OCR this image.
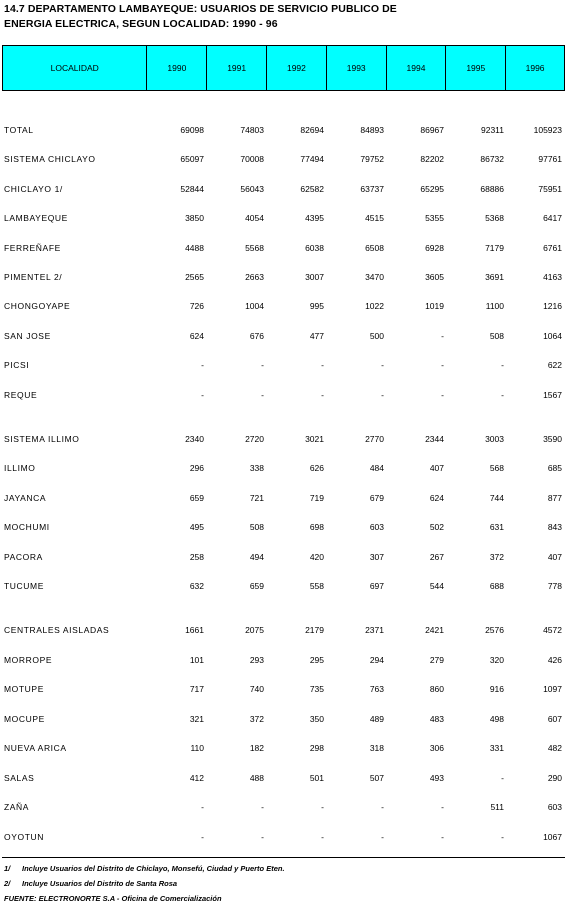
14.7 DEPARTAMENTO LAMBAYEQUE: USUARIOS DE SERVICIO PUBLICO DE
ENERGIA ELECTRICA, SEGUN LOCALIDAD: 1990 - 96
LOCALIDAD	1990	1991	1992	1993	1994	1995	1996
TOTAL	69098	74803	82694	84893	86967	92311	105923
SISTEMA CHICLAYO	65097	70008	77494	79752	82202	86732	97761
CHICLAYO 1/	52844	56043	62582	63737	65295	68886	75951
LAMBAYEQUE	3850	4054	4395	4515	5355	5368	6417
FERREÑAFE	4488	5568	6038	6508	6928	7179	6761
PIMENTEL 2/	2565	2663	3007	3470	3605	3691	4163
CHONGOYAPE	726	1004	995	1022	1019	1100	1216
SAN JOSE	624	676	477	500	-	508	1064
PICSI	-	-	-	-	-	-	622
REQUE	-	-	-	-	-	-	1567
SISTEMA ILLIMO	2340	2720	3021	2770	2344	3003	3590
ILLIMO	296	338	626	484	407	568	685
JAYANCA	659	721	719	679	624	744	877
MOCHUMI	495	508	698	603	502	631	843
PACORA	258	494	420	307	267	372	407
TUCUME	632	659	558	697	544	688	778
CENTRALES AISLADAS	1661	2075	2179	2371	2421	2576	4572
MORROPE	101	293	295	294	279	320	426
MOTUPE	717	740	735	763	860	916	1097
MOCUPE	321	372	350	489	483	498	607
NUEVA ARICA	110	182	298	318	306	331	482
SALAS	412	488	501	507	493	-	290
ZAÑA	-	-	-	-	-	511	603
OYOTUN	-	-	-	-	-	-	1067
1/ Incluye Usuarios del Distrito de Chiclayo, Monsefú, Ciudad y Puerto Eten.
2/ Incluye Usuarios del Distrito de Santa Rosa
FUENTE: ELECTRONORTE S.A - Oficina de Comercialización
